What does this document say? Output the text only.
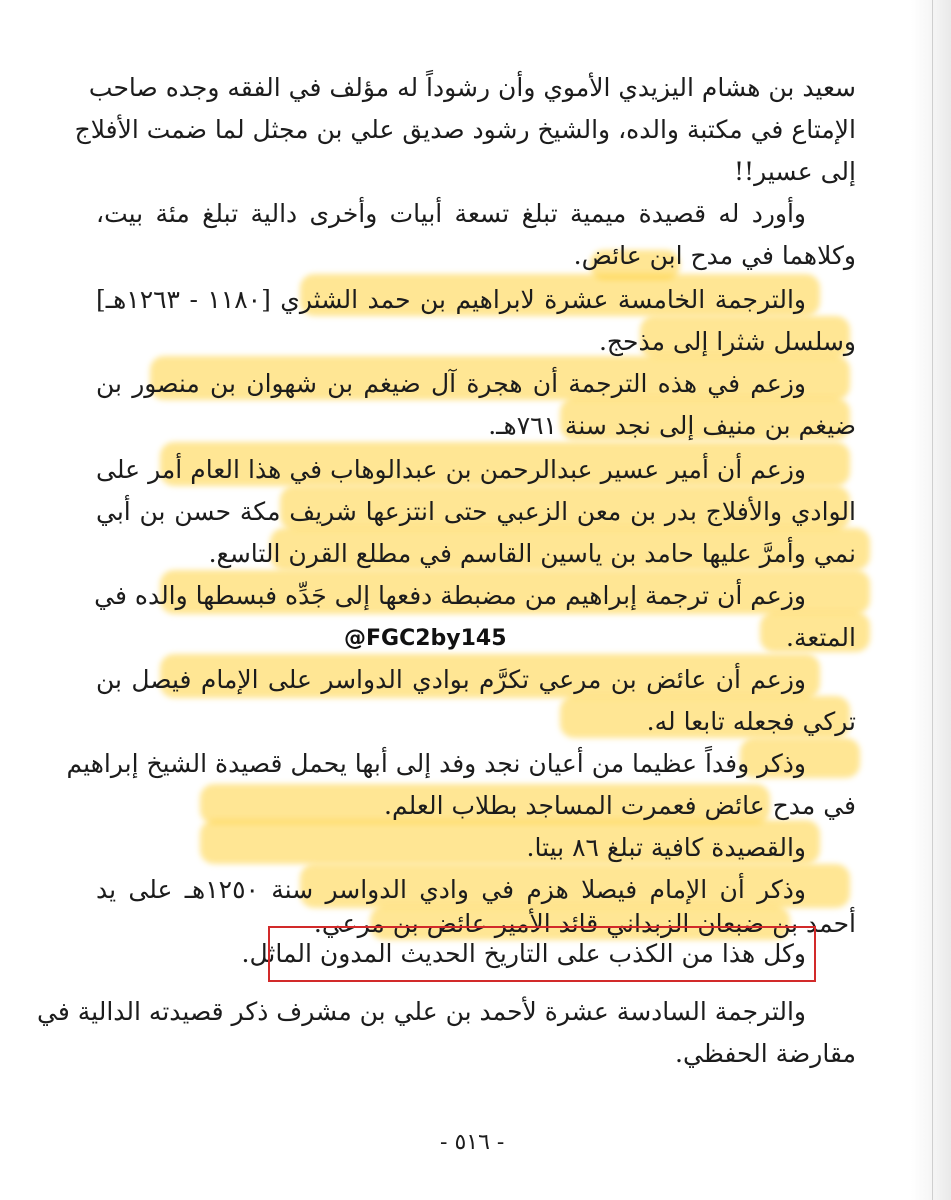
سعيد بن هشام اليزيدي الأموي وأن رشوداً له مؤلف في الفقه وجده صاحب
الإمتاع في مكتبة والده، والشيخ رشود صديق علي بن مجثل لما ضمت الأفلاج
إلى عسير!!
وأورد له قصيدة ميمية تبلغ تسعة أبيات وأخرى دالية تبلغ مئة بيت،
وكلاهما في مدح ابن عائض.
والترجمة الخامسة عشرة لابراهيم بن حمد الشثري [١١٨٠ - ١٢٦٣هـ]
وسلسل شثرا إلى مذحج.
وزعم في هذه الترجمة أن هجرة آل ضيغم بن شهوان بن منصور بن
ضيغم بن منيف إلى نجد سنة ٧٦١هـ.
وزعم أن أمير عسير عبدالرحمن بن عبدالوهاب في هذا العام أمر على
الوادي والأفلاج بدر بن معن الزعبي حتى انتزعها شريف مكة حسن بن أبي
نمي وأمرَّ عليها حامد بن ياسين القاسم في مطلع القرن التاسع.
وزعم أن ترجمة إبراهيم من مضبطة دفعها إلى جَدِّه فبسطها والده في
المتعة.
وزعم أن عائض بن مرعي تكرَّم بوادي الدواسر على الإمام فيصل بن
تركي فجعله تابعا له.
وذكر وفداً عظيما من أعيان نجد وفد إلى أبها يحمل قصيدة الشيخ إبراهيم
في مدح عائض فعمرت المساجد بطلاب العلم.
والقصيدة كافية تبلغ ٨٦ بيتا.
وذكر أن الإمام فيصلا هزم في وادي الدواسر سنة ١٢٥٠هـ على يد
أحمد بن ضبعان الزبداني قائد الأمير عائض بن مرعي.
وكل هذا من الكذب على التاريخ الحديث المدون الماثل.
والترجمة السادسة عشرة لأحمد بن علي بن مشرف ذكر قصيدته الدالية في
مقارضة الحفظي.
@FGC2by145
- ٥١٦ -
